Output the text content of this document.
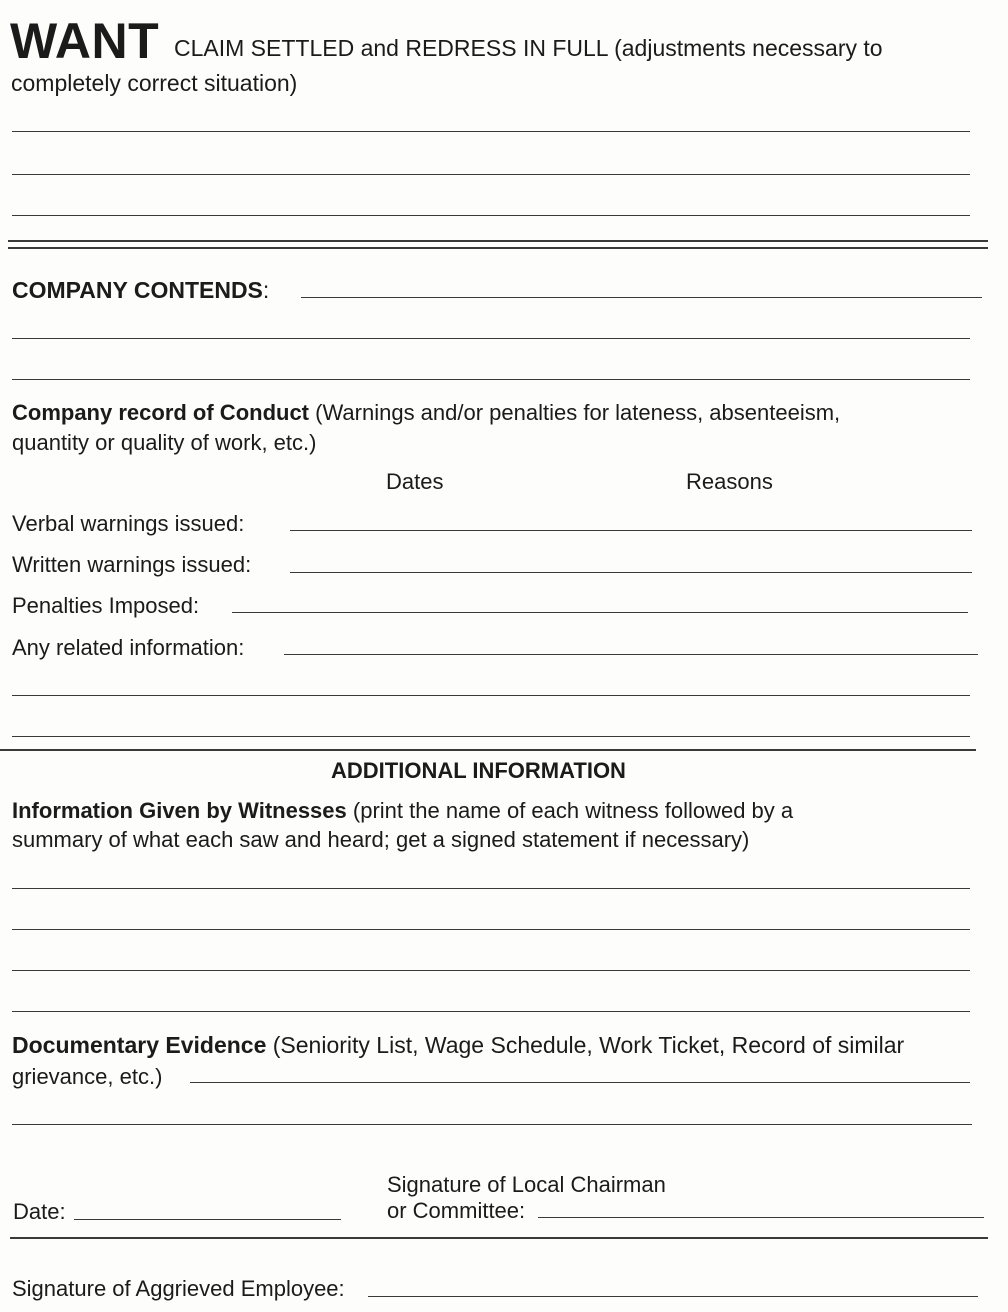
WANT CLAIM SETTLED and REDRESS IN FULL (adjustments necessary to
completely correct situation)
COMPANY CONTENDS:
Company record of Conduct (Warnings and/or penalties for lateness, absenteeism,
quantity or quality of work, etc.)
Dates	Reasons
Verbal warnings issued:
Written warnings issued:
Penalties Imposed:
Any related information:
ADDITIONAL INFORMATION
Information Given by Witnesses (print the name of each witness followed by a
summary of what each saw and heard; get a signed statement if necessary)
Documentary Evidence (Seniority List, Wage Schedule, Work Ticket, Record of similar
grievance, etc.)
Date:
Signature of Local Chairman
or Committee:
Signature of Aggrieved Employee:
